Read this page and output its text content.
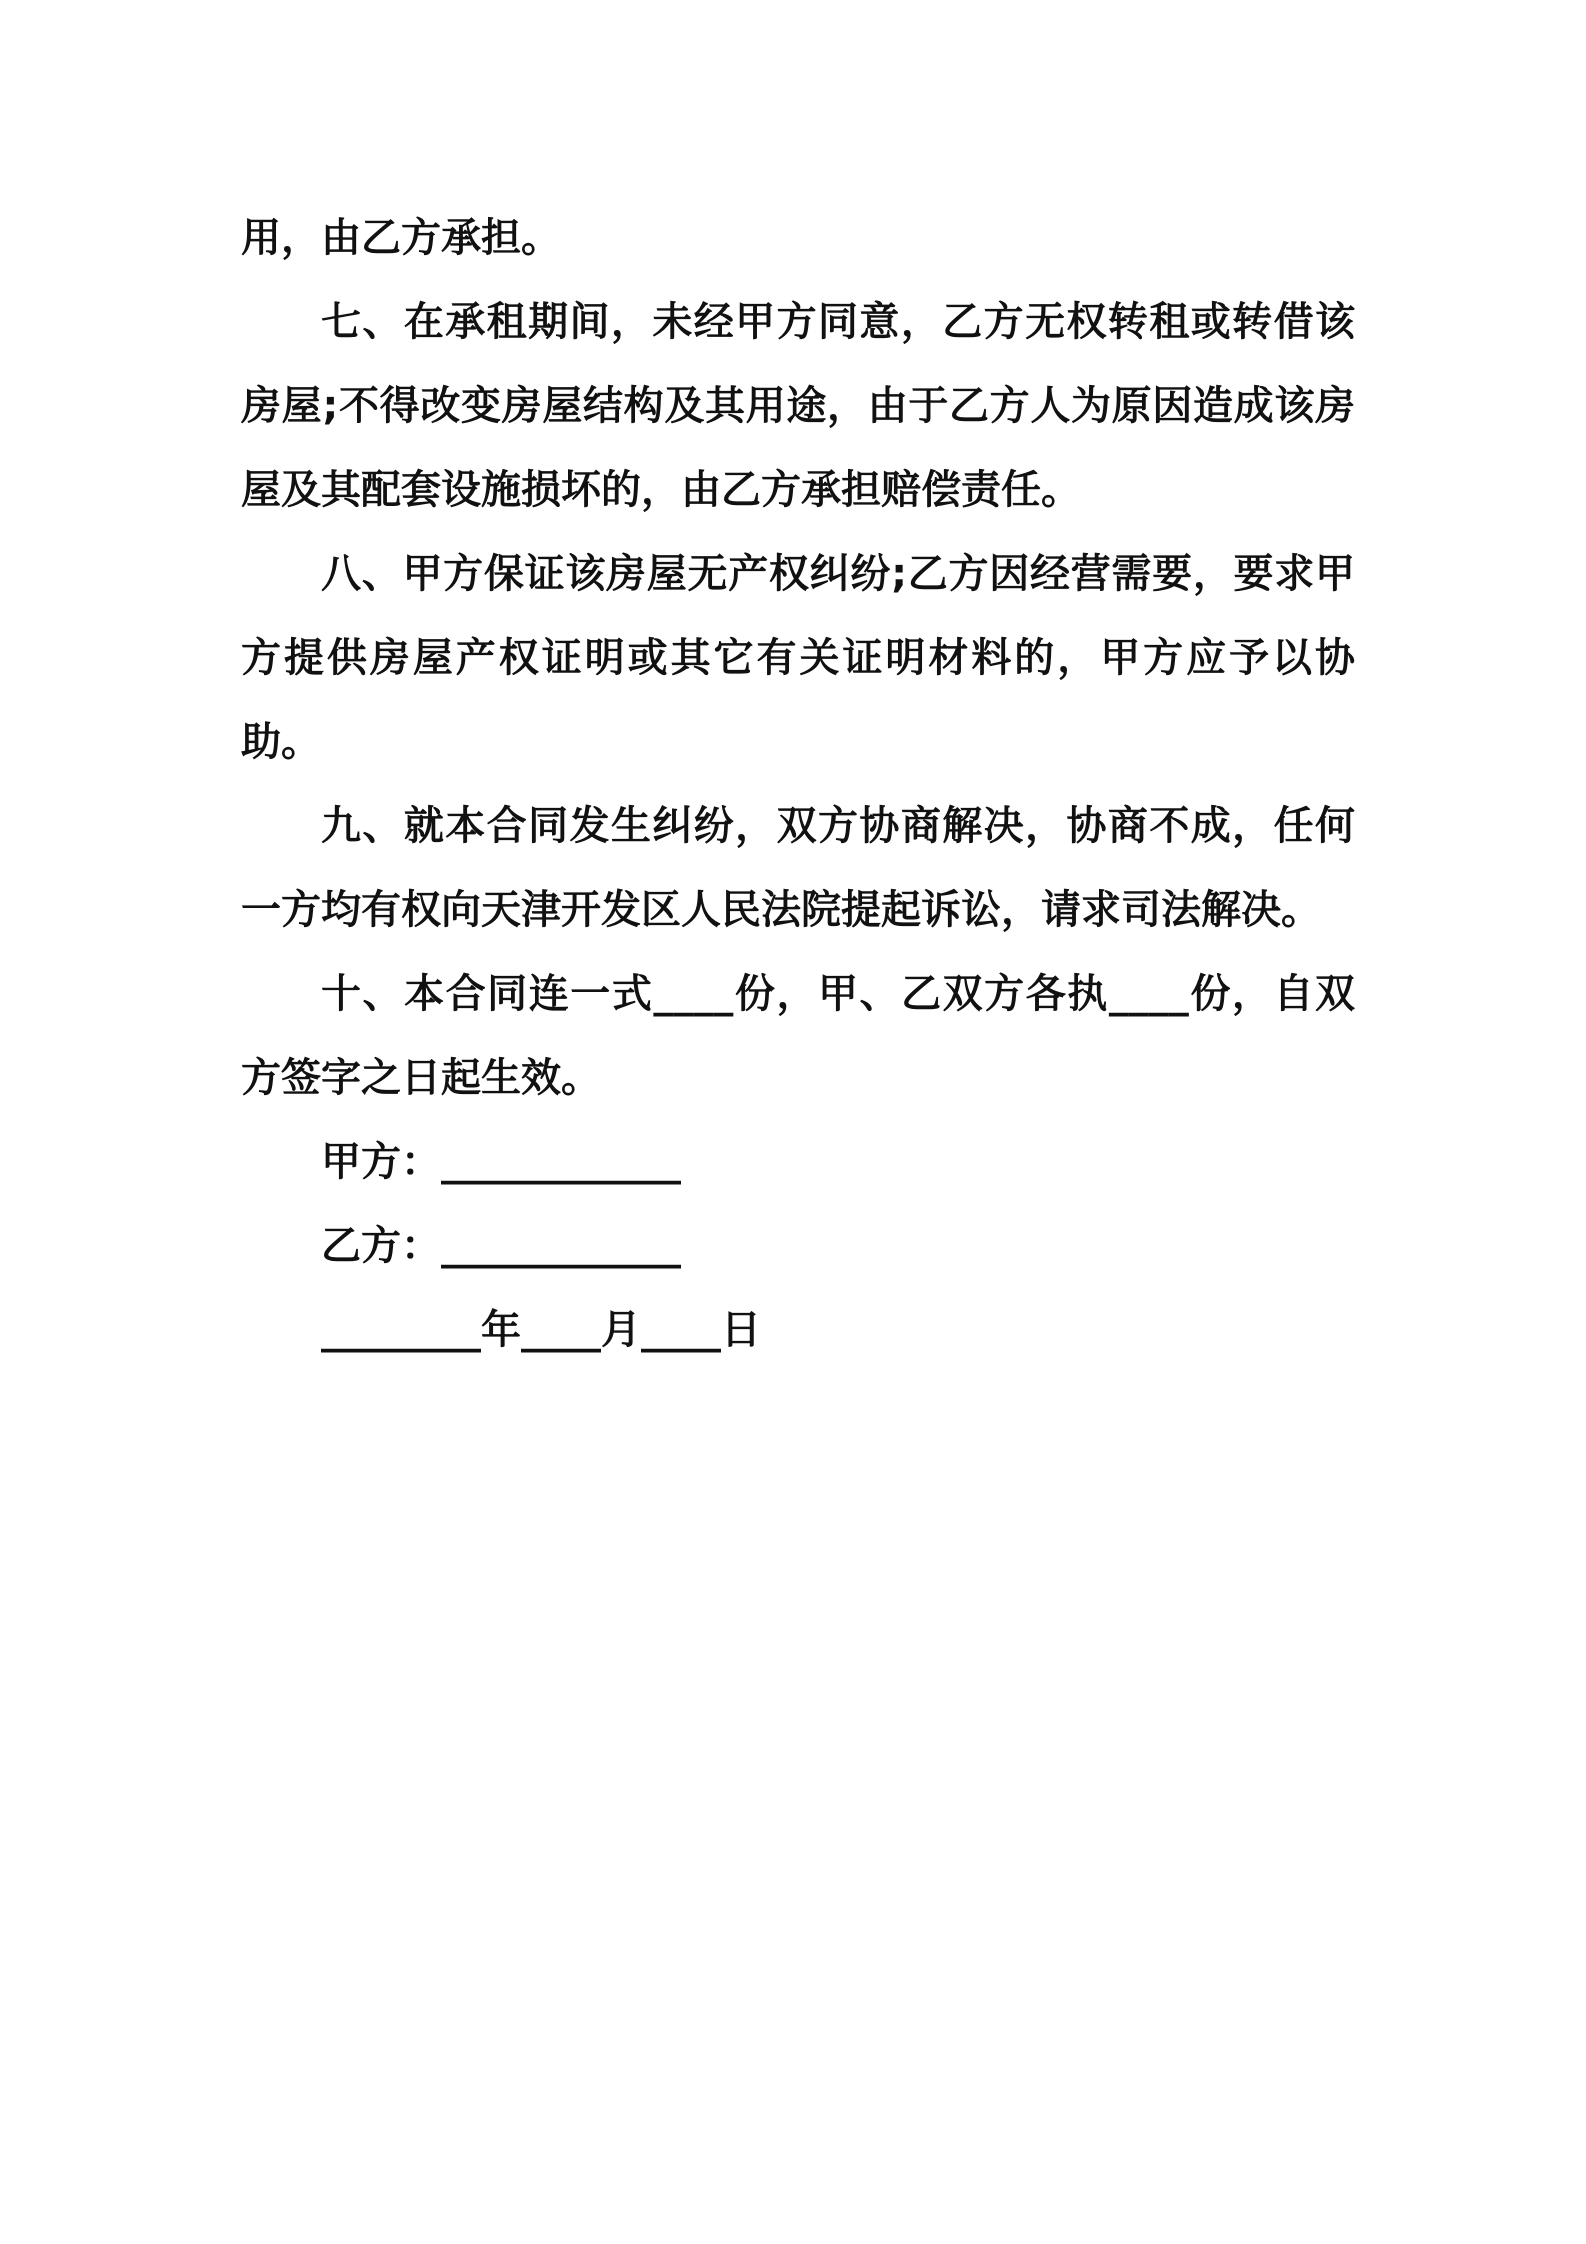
用，由乙方承担。

七、在承租期间，未经甲方同意，乙方无权转租或转借该房屋;不得改变房屋结构及其用途，由于乙方人为原因造成该房屋及其配套设施损坏的，由乙方承担赔偿责任。

八、甲方保证该房屋无产权纠纷;乙方因经营需要，要求甲方提供房屋产权证明或其它有关证明材料的，甲方应予以协助。

九、就本合同发生纠纷，双方协商解决，协商不成，任何一方均有权向天津开发区人民法院提起诉讼，请求司法解决。

十、本合同连一式____份，甲、乙双方各执____份，自双方签字之日起生效。

甲方：____________

乙方：____________

________年____月____日
